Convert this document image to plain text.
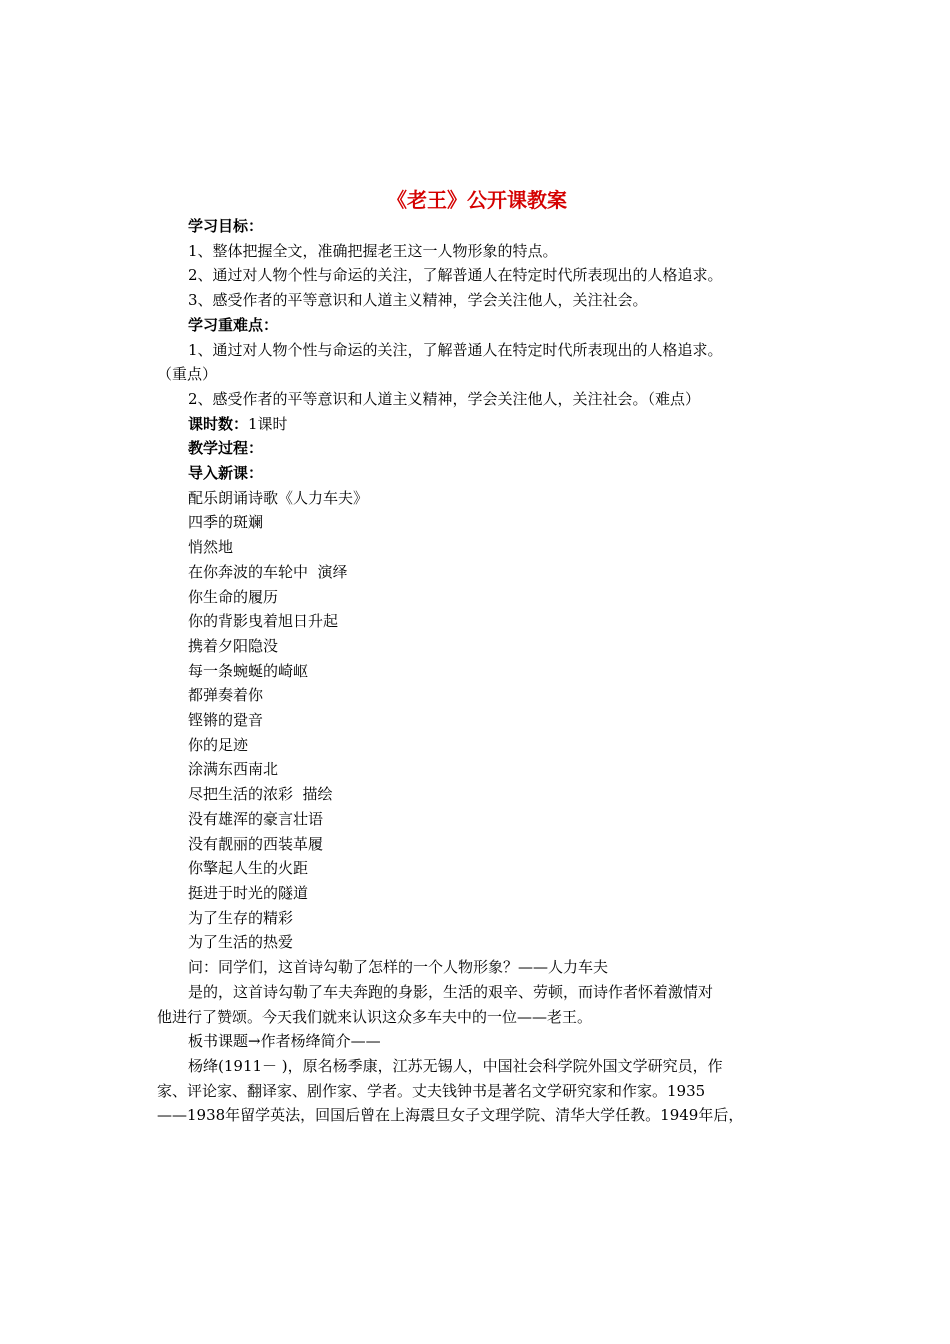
《老王》公开课教案

学习目标：

1、整体把握全文，准确把握老王这一人物形象的特点。

2、通过对人物个性与命运的关注，了解普通人在特定时代所表现出的人格追求。

3、感受作者的平等意识和人道主义精神，学会关注他人，关注社会。

学习重难点：

1、通过对人物个性与命运的关注，了解普通人在特定时代所表现出的人格追求。

（重点）

2、感受作者的平等意识和人道主义精神，学会关注他人，关注社会。（难点）

课时数：1课时

教学过程：

导入新课：

配乐朗诵诗歌《人力车夫》

四季的斑斓

悄然地

在你奔波的车轮中  演绎

你生命的履历

你的背影曳着旭日升起

携着夕阳隐没

每一条蜿蜒的崎岖

都弹奏着你

铿锵的跫音

你的足迹

涂满东西南北

尽把生活的浓彩  描绘

没有雄浑的豪言壮语

没有靓丽的西装革履

你擎起人生的火距

挺进于时光的隧道

为了生存的精彩

为了生活的热爱

问：同学们，这首诗勾勒了怎样的一个人物形象？——人力车夫

是的，这首诗勾勒了车夫奔跑的身影，生活的艰辛、劳顿，而诗作者怀着激情对

他进行了赞颂。今天我们就来认识这众多车夫中的一位——老王。

板书课题→作者杨绛简介——

杨绛(1911－ )，原名杨季康，江苏无锡人，中国社会科学院外国文学研究员，作

家、评论家、翻译家、剧作家、学者。丈夫钱钟书是著名文学研究家和作家。1935

——1938年留学英法，回国后曾在上海震旦女子文理学院、清华大学任教。1949年后，
